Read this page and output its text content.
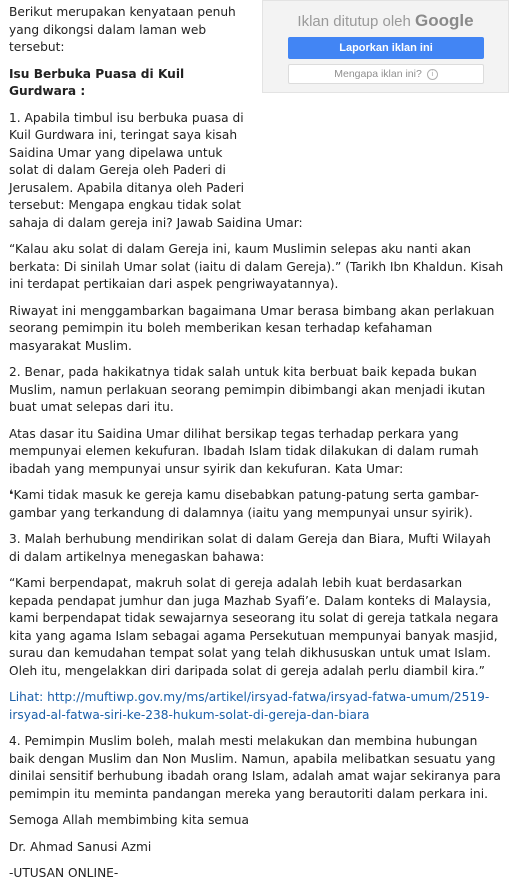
Iklan ditutup oleh Google
Laporkan iklan ini
Mengapa iklan ini? i

Berikut merupakan kenyataan penuh yang dikongsi dalam laman web tersebut:

Isu Berbuka Puasa di Kuil Gurdwara :

1. Apabila timbul isu berbuka puasa di Kuil Gurdwara ini, teringat saya kisah Saidina Umar yang dipelawa untuk solat di dalam Gereja oleh Paderi di Jerusalem. Apabila ditanya oleh Paderi tersebut: Mengapa engkau tidak solat

sahaja di dalam gereja ini? Jawab Saidina Umar:

“Kalau aku solat di dalam Gereja ini, kaum Muslimin selepas aku nanti akan berkata: Di sinilah Umar solat (iaitu di dalam Gereja).” (Tarikh Ibn Khaldun. Kisah ini terdapat pertikaian dari aspek pengriwayatannya).

Riwayat ini menggambarkan bagaimana Umar berasa bimbang akan perlakuan seorang pemimpin itu boleh memberikan kesan terhadap kefahaman masyarakat Muslim.

2. Benar, pada hakikatnya tidak salah untuk kita berbuat baik kepada bukan Muslim, namun perlakuan seorang pemimpin dibimbangi akan menjadi ikutan buat umat selepas dari itu.

Atas dasar itu Saidina Umar dilihat bersikap tegas terhadap perkara yang mempunyai elemen kekufuran. Ibadah Islam tidak dilakukan di dalam rumah ibadah yang mempunyai unsur syirik dan kekufuran. Kata Umar:

❛Kami tidak masuk ke gereja kamu disebabkan patung-patung serta gambar-gambar yang terkandung di dalamnya (iaitu yang mempunyai unsur syirik).

3. Malah berhubung mendirikan solat di dalam Gereja dan Biara, Mufti Wilayah di dalam artikelnya menegaskan bahawa:

“Kami berpendapat, makruh solat di gereja adalah lebih kuat berdasarkan kepada pendapat jumhur dan juga Mazhab Syafi’e. Dalam konteks di Malaysia, kami berpendapat tidak sewajarnya seseorang itu solat di gereja tatkala negara kita yang agama Islam sebagai agama Persekutuan mempunyai banyak masjid, surau dan kemudahan tempat solat yang telah dikhususkan untuk umat Islam. Oleh itu, mengelakkan diri daripada solat di gereja adalah perlu diambil kira.”

Lihat: http://muftiwp.gov.my/ms/artikel/irsyad-fatwa/irsyad-fatwa-umum/2519-irsyad-al-fatwa-siri-ke-238-hukum-solat-di-gereja-dan-biara

4. Pemimpin Muslim boleh, malah mesti melakukan dan membina hubungan baik dengan Muslim dan Non Muslim. Namun, apabila melibatkan sesuatu yang dinilai sensitif berhubung ibadah orang Islam, adalah amat wajar sekiranya para pemimpin itu meminta pandangan mereka yang berautoriti dalam perkara ini.

Semoga Allah membimbing kita semua

Dr. Ahmad Sanusi Azmi

-UTUSAN ONLINE-
